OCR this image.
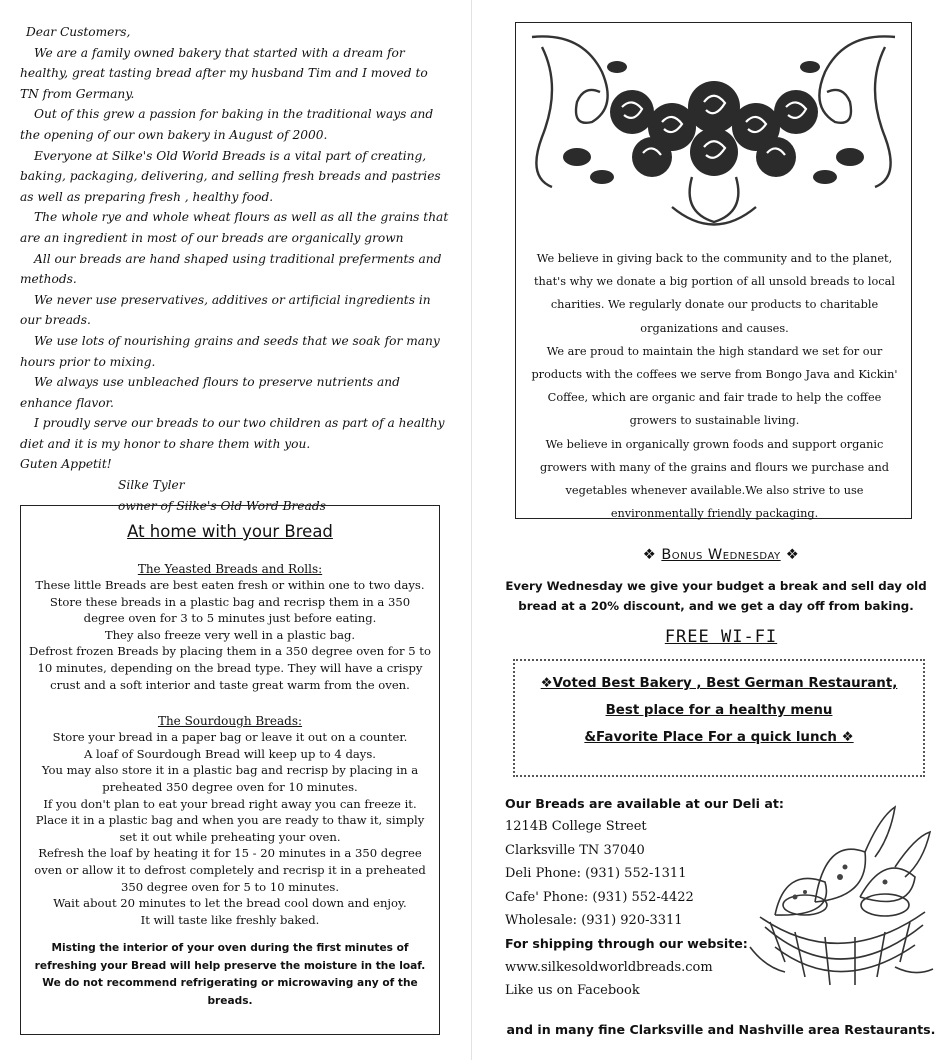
Dear Customers,

We are a family owned bakery that started with a dream for healthy, great tasting bread after my husband Tim and I moved to TN from Germany.

Out of this grew a passion for baking in the traditional ways and the opening of our own bakery in August of 2000.

Everyone at Silke's Old World Breads is a vital part of creating, baking, packaging, delivering, and selling fresh breads and pastries as well as preparing fresh , healthy food.

The whole rye and whole wheat flours as well as all the grains that are an ingredient in most of our breads are organically grown

All our breads are hand shaped using traditional preferments and methods.

We never use preservatives, additives or artificial ingredients in our breads.

We use lots of nourishing grains and seeds that we soak for many hours prior to mixing.

We always use unbleached flours to preserve nutrients and enhance flavor.

I proudly serve our breads to our two children as part of a healthy diet and it is my honor to share them with you.

Guten Appetit!

Silke Tyler

owner of Silke's Old Word Breads

At home with your Bread
The Yeasted Breads and Rolls:
These little Breads are best eaten fresh or within one to two days.
Store these breads in a plastic bag and recrisp them in a 350 degree oven for 3 to 5 minutes just before eating.
They also freeze very well in a plastic bag.
Defrost frozen Breads by placing them in a 350 degree oven for 5 to 10 minutes, depending on the bread type. They will have a crispy crust and a soft interior and taste great warm from the oven.
The Sourdough Breads:
Store your bread in a paper bag or leave it out on a counter.
A loaf of Sourdough Bread will keep up to 4 days.
You may also store it in a plastic bag and recrisp by placing in a preheated 350 degree oven for 10 minutes.
If you don't plan to eat your bread right away you can freeze it.
Place it in a plastic bag and when you are ready to thaw it, simply set it out while preheating your oven.
Refresh the loaf by heating it for 15 - 20 minutes in a 350 degree oven or allow it to defrost completely and recrisp it in a preheated 350 degree oven for 5 to 10 minutes.
Wait about 20 minutes to let the bread cool down and enjoy.
It will taste like freshly baked.
Misting the interior of your oven during the first minutes of refreshing your Bread will help preserve the moisture in the loaf.
We do not recommend refrigerating or microwaving any of the breads.

We believe in giving back to the community and to the planet, that's why we donate a big portion of all unsold breads to local charities. We regularly donate our products to charitable organizations and causes.

We are proud to maintain the high standard we set for our products with the coffees we serve from Bongo Java and Kickin' Coffee, which are organic and fair trade to help the coffee growers to sustainable living.

We believe in organically grown foods and support organic growers with many of the grains and flours we purchase and vegetables whenever available.We also strive to use environmentally friendly packaging.

❖ Bonus Wednesday ❖
Every Wednesday we give your budget a break and sell day old bread at a 20% discount, and we get a day off from baking.
FREE WI-FI
❖Voted Best Bakery , Best German Restaurant,
Best place for a healthy menu
&Favorite Place For a quick lunch ❖
Our Breads are available at our Deli at:
1214B College Street
Clarksville TN 37040
Deli Phone: (931) 552-1311
Cafe' Phone: (931) 552-4422
Wholesale: (931) 920-3311
For shipping through our website:
www.silkesoldworldbreads.com
Like us on Facebook
and in many fine Clarksville and Nashville area Restaurants.
